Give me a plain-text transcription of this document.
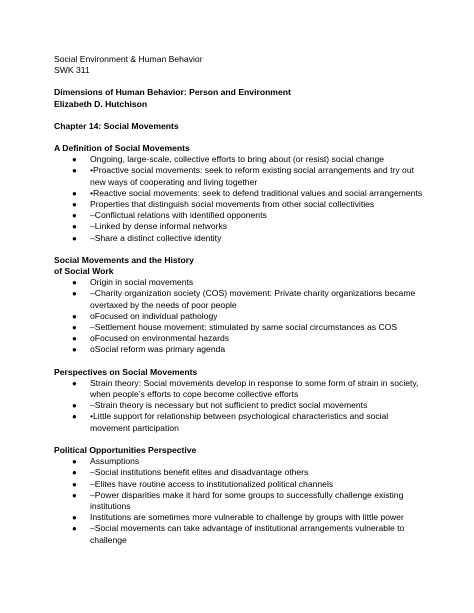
Social Environment & Human Behavior
SWK 311
Dimensions of Human Behavior: Person and Environment
Elizabeth D. Hutchison
Chapter 14: Social Movements
A Definition of Social Movements
●	Ongoing, large-scale, collective efforts to bring about (or resist) social change
●	•Proactive social movements: seek to reform existing social arrangements and try out new ways of cooperating and living together
●	•Reactive social movements: seek to defend traditional values and social arrangements
●	Properties that distinguish social movements from other social collectivities
●	–Conflictual relations with identified opponents
●	–Linked by dense informal networks
●	–Share a distinct collective identity
Social Movements and the History
of Social Work
●	Origin in social movements
●	–Charity organization society (COS) movement: Private charity organizations became overtaxed by the needs of poor people
●	oFocused on individual pathology
●	–Settlement house movement: stimulated by same social circumstances as COS
●	oFocused on environmental hazards
●	oSocial reform was primary agenda
Perspectives on Social Movements
●	Strain theory: Social movements develop in response to some form of strain in society, when people’s efforts to cope become collective efforts
●	–Strain theory is necessary but not sufficient to predict social movements
●	•Little support for relationship between psychological characteristics and social movement participation
Political Opportunities Perspective
●	Assumptions
●	–Social institutions benefit elites and disadvantage others
●	–Elites have routine access to institutionalized political channels
●	–Power disparities make it hard for some groups to successfully challenge existing institutions
●	Institutions are sometimes more vulnerable to challenge by groups with little power
●	–Social movements can take advantage of institutional arrangements vulnerable to challenge
